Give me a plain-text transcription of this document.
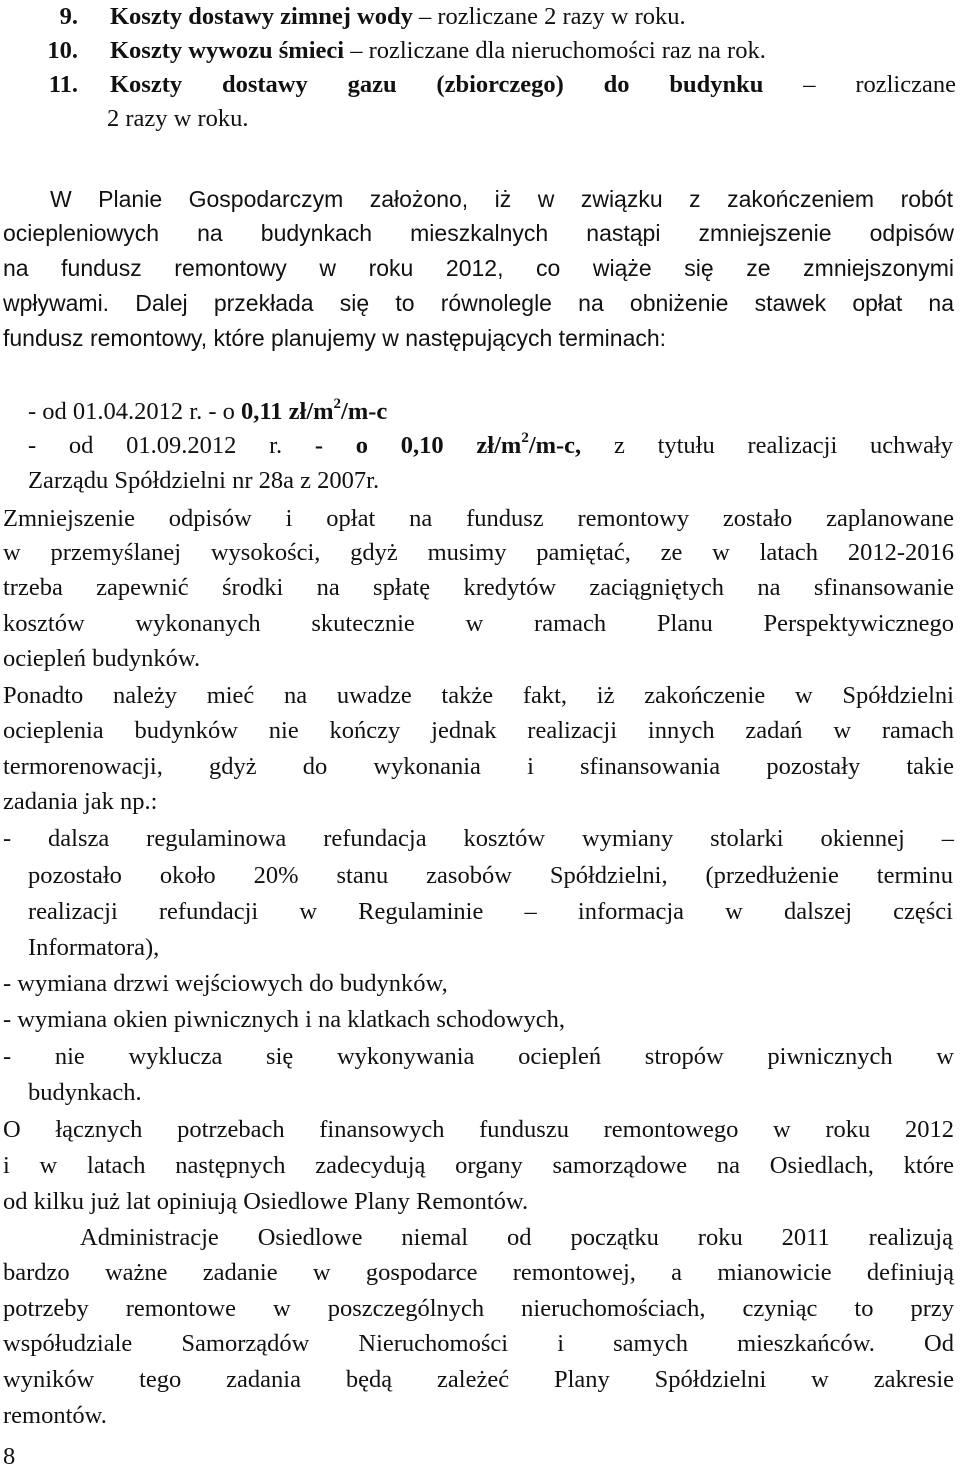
9. Koszty dostawy zimnej wody – rozliczane 2 razy w roku.
10. Koszty wywozu śmieci – rozliczane dla nieruchomości raz na rok.
11. Koszty dostawy gazu (zbiorczego) do budynku – rozliczane
2 razy w roku.
W Planie Gospodarczym założono, iż w związku z zakończeniem robót
ociepleniowych na budynkach mieszkalnych nastąpi zmniejszenie odpisów
na fundusz remontowy w roku 2012, co wiąże się ze zmniejszonymi
wpływami. Dalej przekłada się to równolegle na obniżenie stawek opłat na
fundusz remontowy, które planujemy w następujących terminach:
- od 01.04.2012 r. - o 0,11 $zł/m^2/m-c$
- od 01.09.2012 r. - o 0,10 $zł/m^2/m-c$, z tytułu realizacji uchwały
Zarządu Spółdzielni nr 28a z 2007r.
Zmniejszenie odpisów i opłat na fundusz remontowy zostało zaplanowane
w przemyślanej wysokości, gdyż musimy pamiętać, ze w latach 2012-2016
trzeba zapewnić środki na spłatę kredytów zaciągniętych na sfinansowanie
kosztów wykonanych skutecznie w ramach Planu Perspektywicznego
ociepleń budynków.
Ponadto należy mieć na uwadze także fakt, iż zakończenie w Spółdzielni
ocieplenia budynków nie kończy jednak realizacji innych zadań w ramach
termorenowacji, gdyż do wykonania i sfinansowania pozostały takie
zadania jak np.:
- dalsza regulaminowa refundacja kosztów wymiany stolarki okiennej –
pozostało około 20% stanu zasobów Spółdzielni, (przedłużenie terminu
realizacji refundacji w Regulaminie – informacja w dalszej części
Informatora),
- wymiana drzwi wejściowych do budynków,
- wymiana okien piwnicznych i na klatkach schodowych,
- nie wyklucza się wykonywania ociepleń stropów piwnicznych w
budynkach.
O łącznych potrzebach finansowych funduszu remontowego w roku 2012
i w latach następnych zadecydują organy samorządowe na Osiedlach, które
od kilku już lat opiniują Osiedlowe Plany Remontów.
Administracje Osiedlowe niemal od początku roku 2011 realizują
bardzo ważne zadanie w gospodarce remontowej, a mianowicie definiują
potrzeby remontowe w poszczególnych nieruchomościach, czyniąc to przy
współudziale Samorządów Nieruchomości i samych mieszkańców. Od
wyników tego zadania będą zależeć Plany Spółdzielni w zakresie
remontów.
8
